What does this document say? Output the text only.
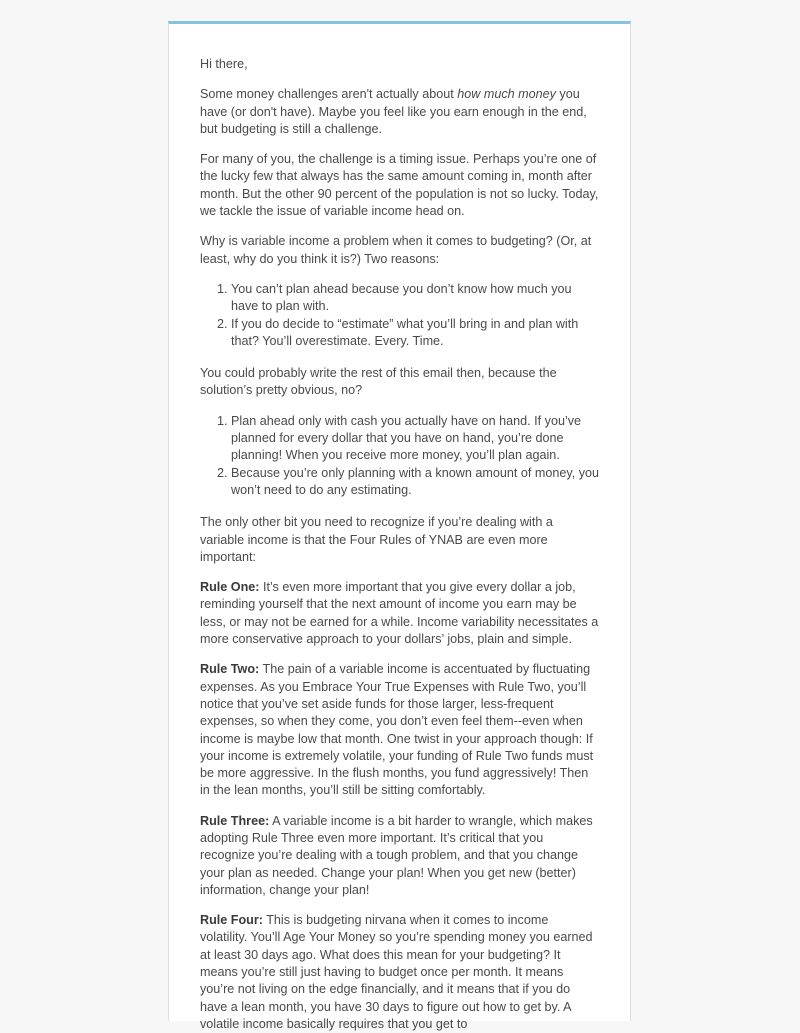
Hi there,

Some money challenges aren't actually about how much money you have (or don't have). Maybe you feel like you earn enough in the end, but budgeting is still a challenge.

For many of you, the challenge is a timing issue. Perhaps you’re one of the lucky few that always has the same amount coming in, month after month. But the other 90 percent of the population is not so lucky. Today, we tackle the issue of variable income head on.

Why is variable income a problem when it comes to budgeting? (Or, at least, why do you think it is?) Two reasons:

1. You can’t plan ahead because you don’t know how much you have to plan with.
2. If you do decide to “estimate” what you’ll bring in and plan with that? You’ll overestimate. Every. Time.

You could probably write the rest of this email then, because the solution’s pretty obvious, no?

1. Plan ahead only with cash you actually have on hand. If you’ve planned for every dollar that you have on hand, you’re done planning! When you receive more money, you’ll plan again.
2. Because you’re only planning with a known amount of money, you won’t need to do any estimating.

The only other bit you need to recognize if you’re dealing with a variable income is that the Four Rules of YNAB are even more important:

Rule One: It’s even more important that you give every dollar a job, reminding yourself that the next amount of income you earn may be less, or may not be earned for a while. Income variability necessitates a more conservative approach to your dollars’ jobs, plain and simple.

Rule Two: The pain of a variable income is accentuated by fluctuating expenses. As you Embrace Your True Expenses with Rule Two, you’ll notice that you’ve set aside funds for those larger, less-frequent expenses, so when they come, you don’t even feel them--even when income is maybe low that month. One twist in your approach though: If your income is extremely volatile, your funding of Rule Two funds must be more aggressive. In the flush months, you fund aggressively! Then in the lean months, you’ll still be sitting comfortably.

Rule Three: A variable income is a bit harder to wrangle, which makes adopting Rule Three even more important. It’s critical that you recognize you’re dealing with a tough problem, and that you change your plan as needed. Change your plan! When you get new (better) information, change your plan!

Rule Four: This is budgeting nirvana when it comes to income volatility. You’ll Age Your Money so you’re spending money you earned at least 30 days ago. What does this mean for your budgeting? It means you’re still just having to budget once per month. It means you’re not living on the edge financially, and it means that if you do have a lean month, you have 30 days to figure out how to get by. A volatile income basically requires that you get to
